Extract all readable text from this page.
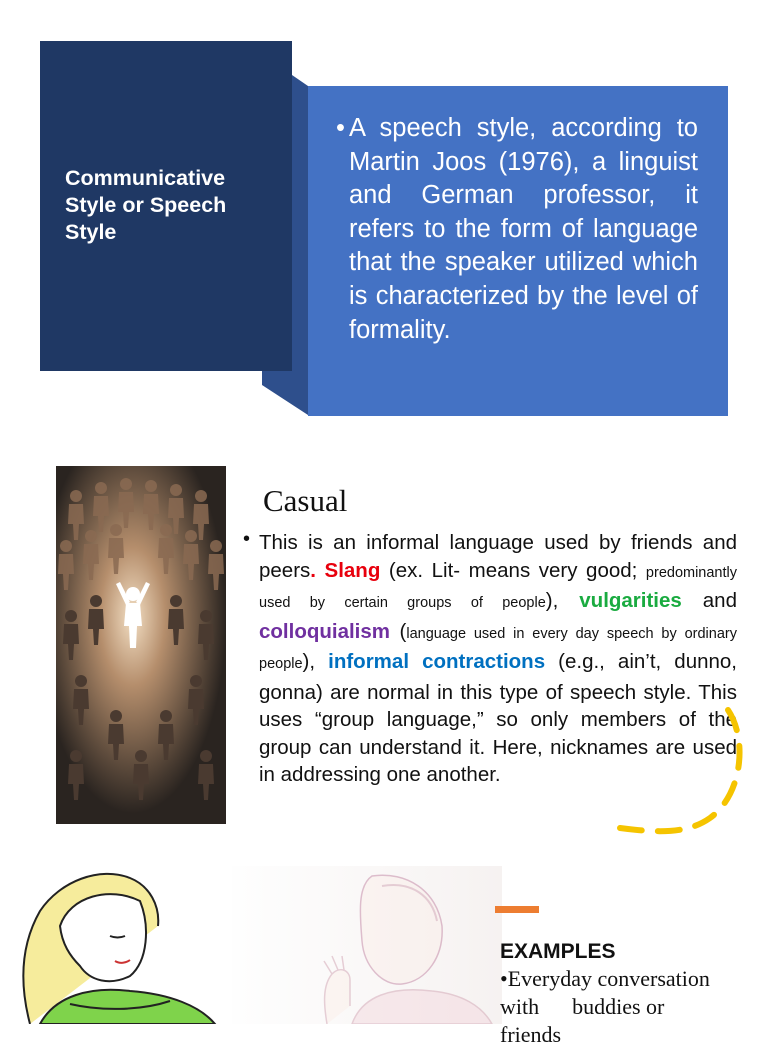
Communicative Style or Speech Style
• A speech style, according to Martin Joos (1976), a linguist and German professor, it refers to the form of language that the speaker utilized which is characterized by the level of formality.
Casual
• This is an informal language used by friends and peers. Slang (ex. Lit- means very good; predominantly used by certain groups of people), vulgarities and colloquialism (language used in every day speech by ordinary people), informal contractions (e.g., ain’t, dunno, gonna) are normal in this type of speech style. This uses “group language,” so only members of the group can understand it. Here, nicknames are used in addressing one another.
EXAMPLES
•Everyday conversation
with      buddies or
friends
